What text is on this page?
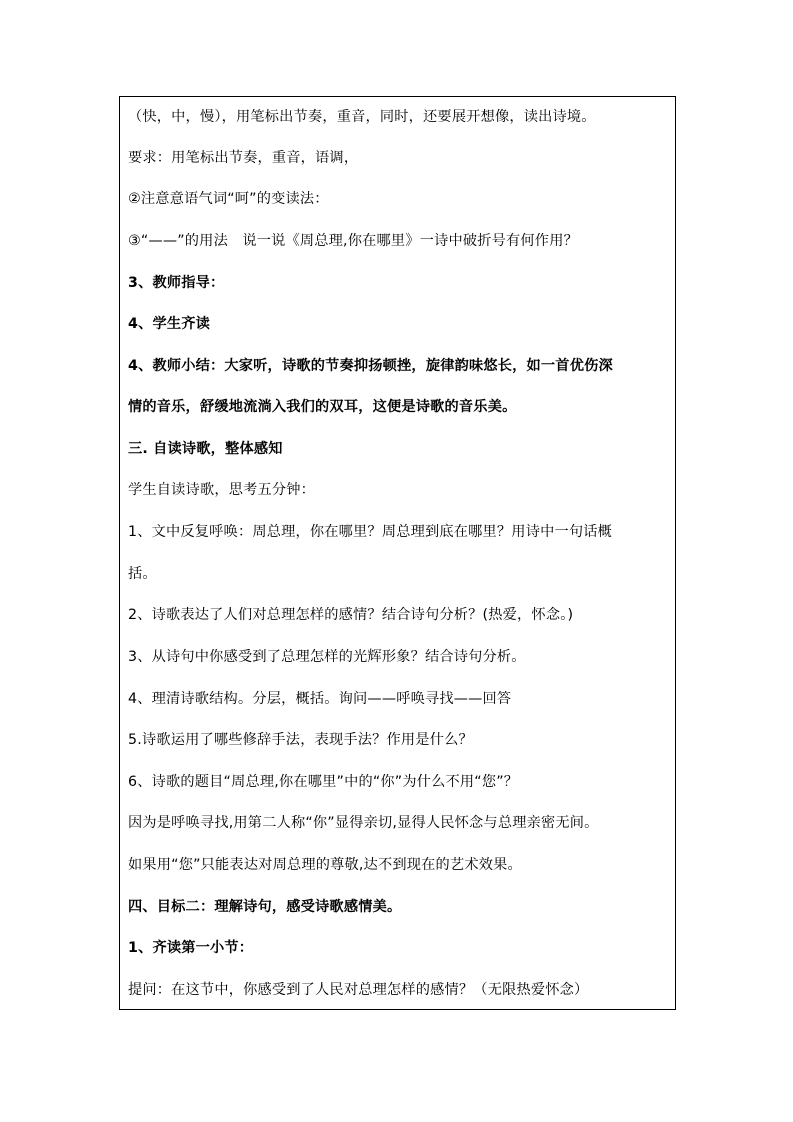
（快，中，慢），用笔标出节奏，重音，同时，还要展开想像，读出诗境。
要求：用笔标出节奏，重音，语调，
②注意意语气词“呵”的变读法：
③“——”的用法　说一说《周总理,你在哪里》一诗中破折号有何作用？
3、教师指导：
4、学生齐读
4、教师小结：大家听，诗歌的节奏抑扬顿挫，旋律韵味悠长，如一首优伤深
情的音乐，舒缓地流淌入我们的双耳，这便是诗歌的音乐美。
三. 自读诗歌，整体感知
学生自读诗歌，思考五分钟：
1、文中反复呼唤：周总理，你在哪里？周总理到底在哪里？用诗中一句话概
括。
2、诗歌表达了人们对总理怎样的感情？结合诗句分析？(热爱，怀念。)
3、从诗句中你感受到了总理怎样的光辉形象？结合诗句分析。
4、理清诗歌结构。分层，概括。询问——呼唤寻找——回答
5.诗歌运用了哪些修辞手法，表现手法？作用是什么？
6、诗歌的题目“周总理,你在哪里”中的“你”为什么不用“您”？
因为是呼唤寻找,用第二人称“你”显得亲切,显得人民怀念与总理亲密无间。
如果用“您”只能表达对周总理的尊敬,达不到现在的艺术效果。
四、目标二：理解诗句，感受诗歌感情美。
1、齐读第一小节：
提问：在这节中，你感受到了人民对总理怎样的感情？（无限热爱怀念）
